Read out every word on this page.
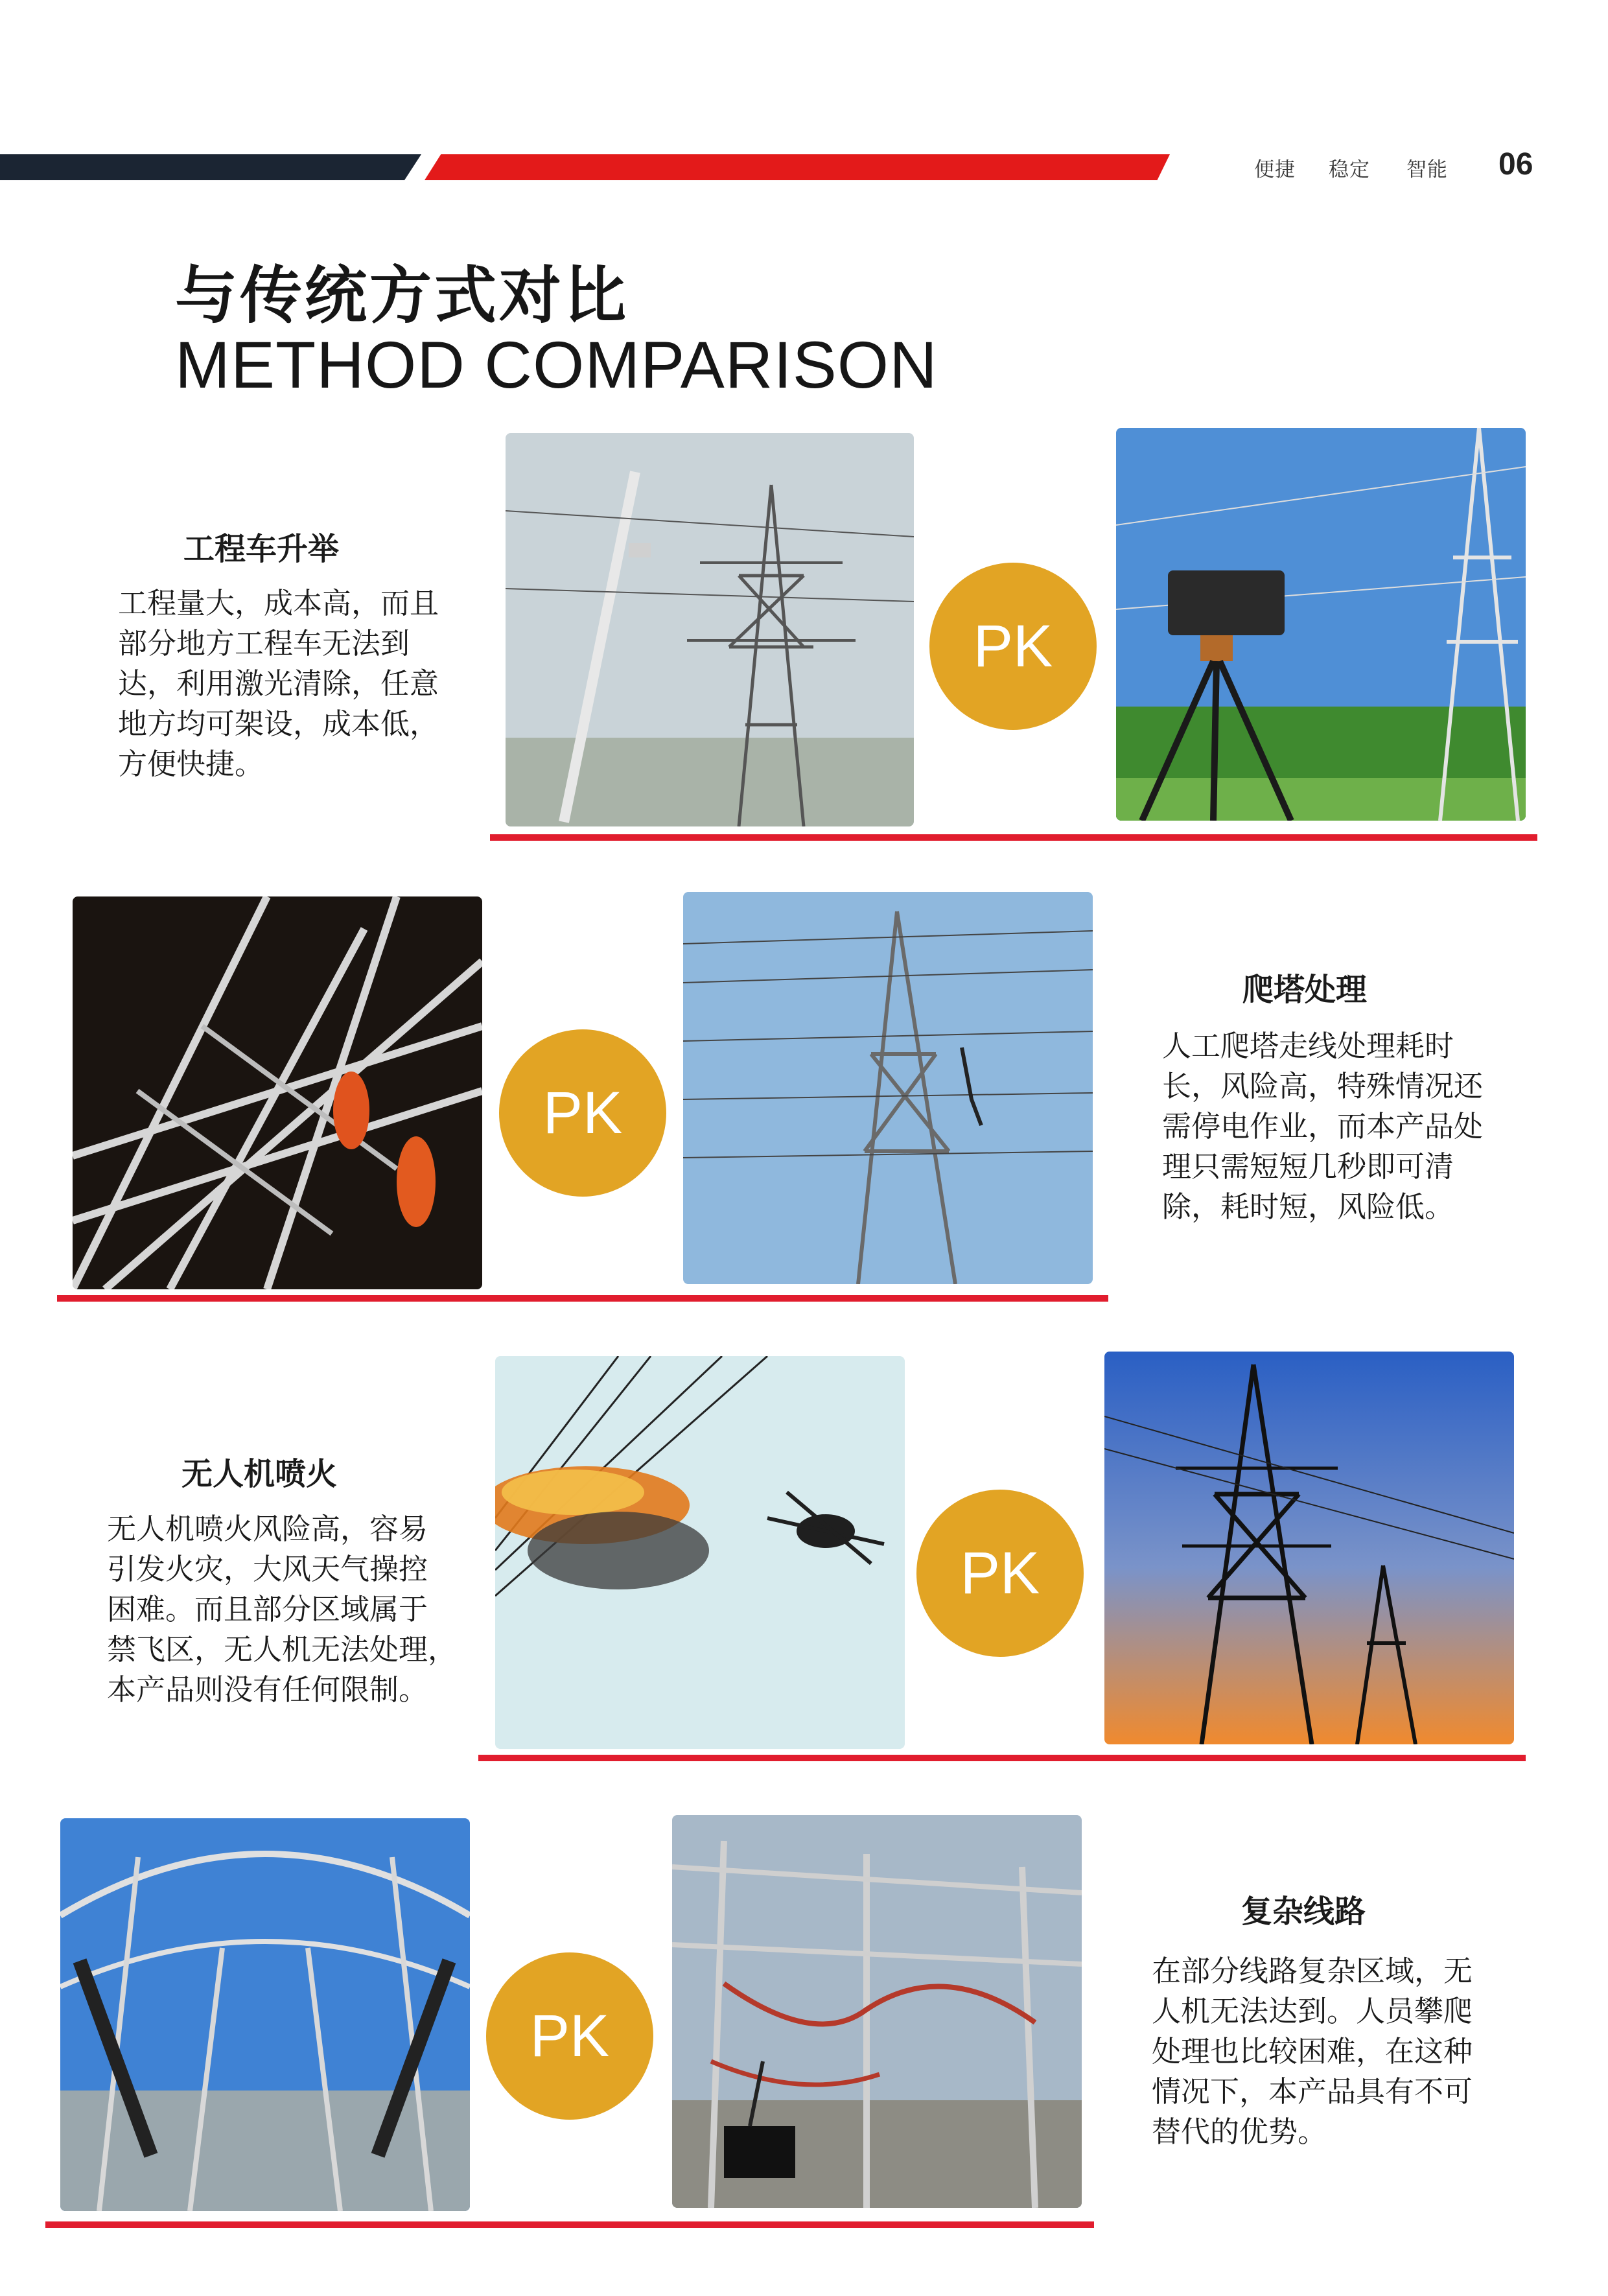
便捷 稳定 智能 06
与传统方式对比
METHOD COMPARISON
工程车升举
工程量大，成本高，而且
部分地方工程车无法到
达，利用激光清除，任意
地方均可架设，成本低，
方便快捷。
PK
PK
爬塔处理
人工爬塔走线处理耗时
长，风险高，特殊情况还
需停电作业，而本产品处
理只需短短几秒即可清
除，耗时短，风险低。
无人机喷火
无人机喷火风险高，容易
引发火灾，大风天气操控
困难。而且部分区域属于
禁飞区，无人机无法处理，
本产品则没有任何限制。
PK
PK
复杂线路
在部分线路复杂区域，无
人机无法达到。人员攀爬
处理也比较困难，在这种
情况下，本产品具有不可
替代的优势。
